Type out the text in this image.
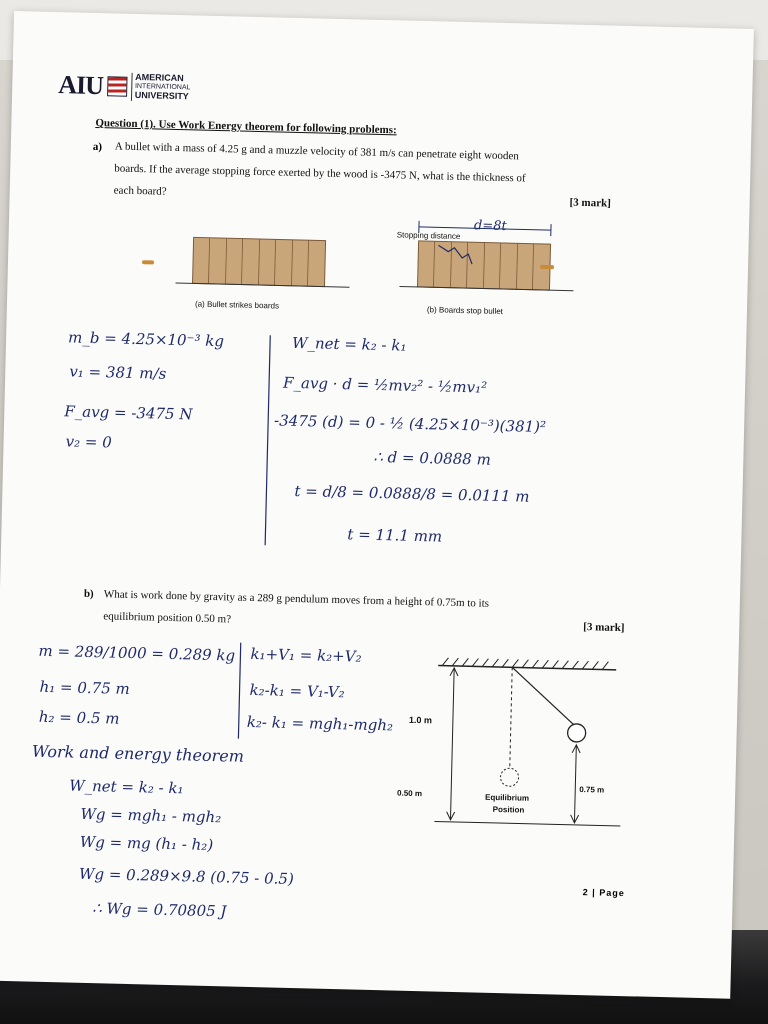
AIU	AMERICAN
INTERNATIONAL
UNIVERSITY
Question (1). Use Work Energy theorem for following problems:
a) A bullet with a mass of 4.25 g and a muzzle velocity of 381 m/s can penetrate eight wooden
boards. If the average stopping force exerted by the wood is -3475 N, what is the thickness of
each board?
[3 mark]
d=8t
Stopping distance
(a) Bullet strikes boards
(b) Boards stop bullet
m_b = 4.25×10⁻³ kg
v₁ = 381 m/s
F_avg = -3475 N
v₂ = 0
W_net = k₂ - k₁
F_avg · d = ½mv₂² - ½mv₁²
-3475 (d) = 0 - ½ (4.25×10⁻³)(381)²
∴ d = 0.0888 m
t = d/8 = 0.0888/8 = 0.0111 m
t = 11.1 mm
b) What is work done by gravity as a 289 g pendulum moves from a height of 0.75m to its
equilibrium position 0.50 m?
[3 mark]
m = 289/1000 = 0.289 kg
h₁ = 0.75 m
h₂ = 0.5 m
k₁+V₁ = k₂+V₂
k₂-k₁ = V₁-V₂
k₂- k₁ = mgh₁-mgh₂ 1.0 m
0.50 m	0.75 m
Equilibrium
Position
Work and energy theorem
W_net = k₂ - k₁
Wg = mgh₁ - mgh₂
Wg = mg (h₁ - h₂)
Wg = 0.289×9.8 (0.75 - 0.5)
∴ Wg = 0.70805 J
2 | Page
